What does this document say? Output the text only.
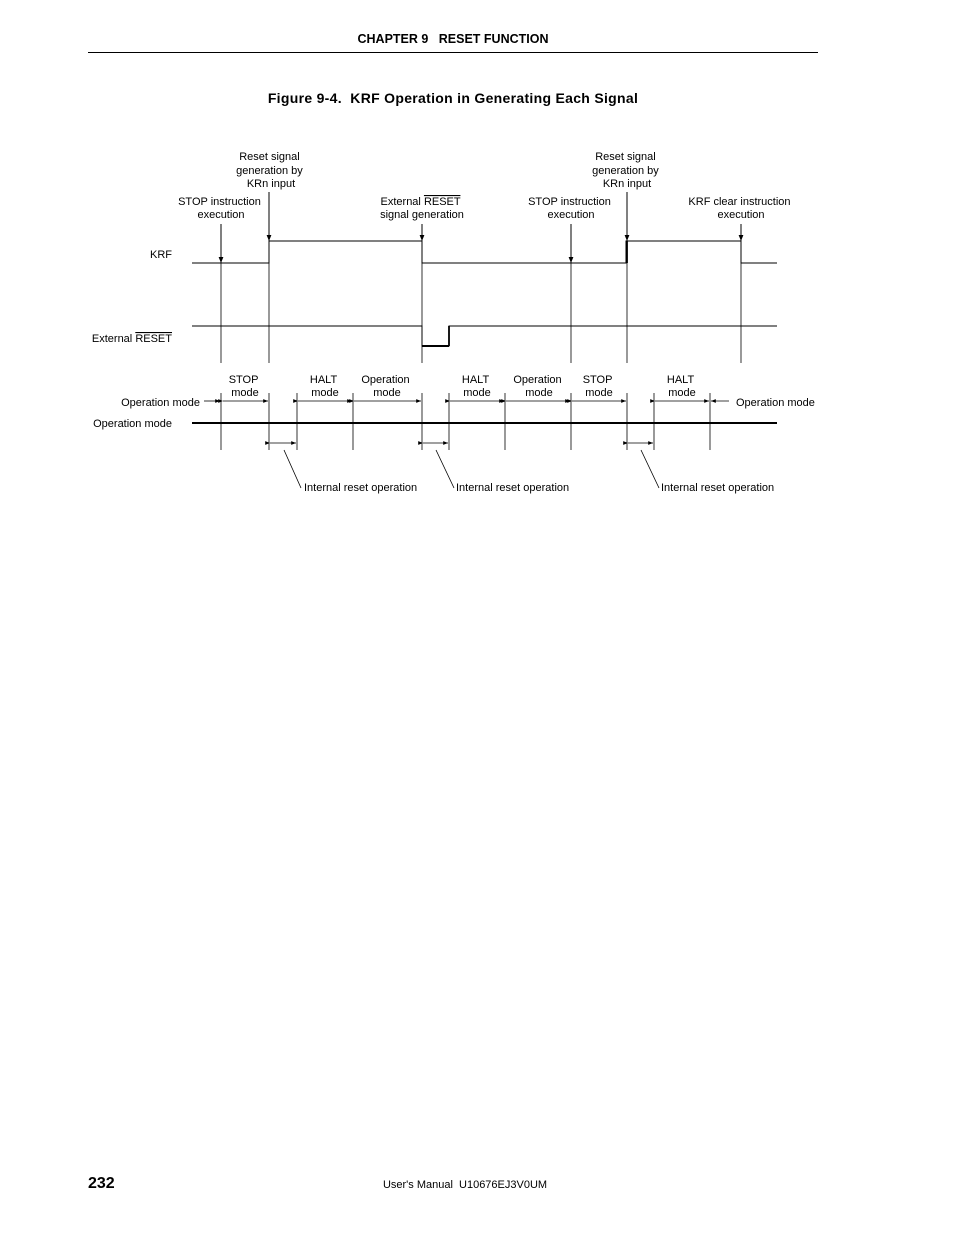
CHAPTER 9   RESET FUNCTION
Figure 9-4.  KRF Operation in Generating Each Signal
Reset signal generation by KRn input
STOP instruction execution
External RESET signal generation
Reset signal generation by KRn input
STOP instruction execution
KRF clear instruction execution
KRF
External RESET
Operation mode
Operation mode
STOP mode
HALT mode
Operation mode
HALT mode
Operation mode
STOP mode
HALT mode
Operation mode
Internal reset operation	Internal reset operation	Internal reset operation
232	User's Manual  U10676EJ3V0UM
